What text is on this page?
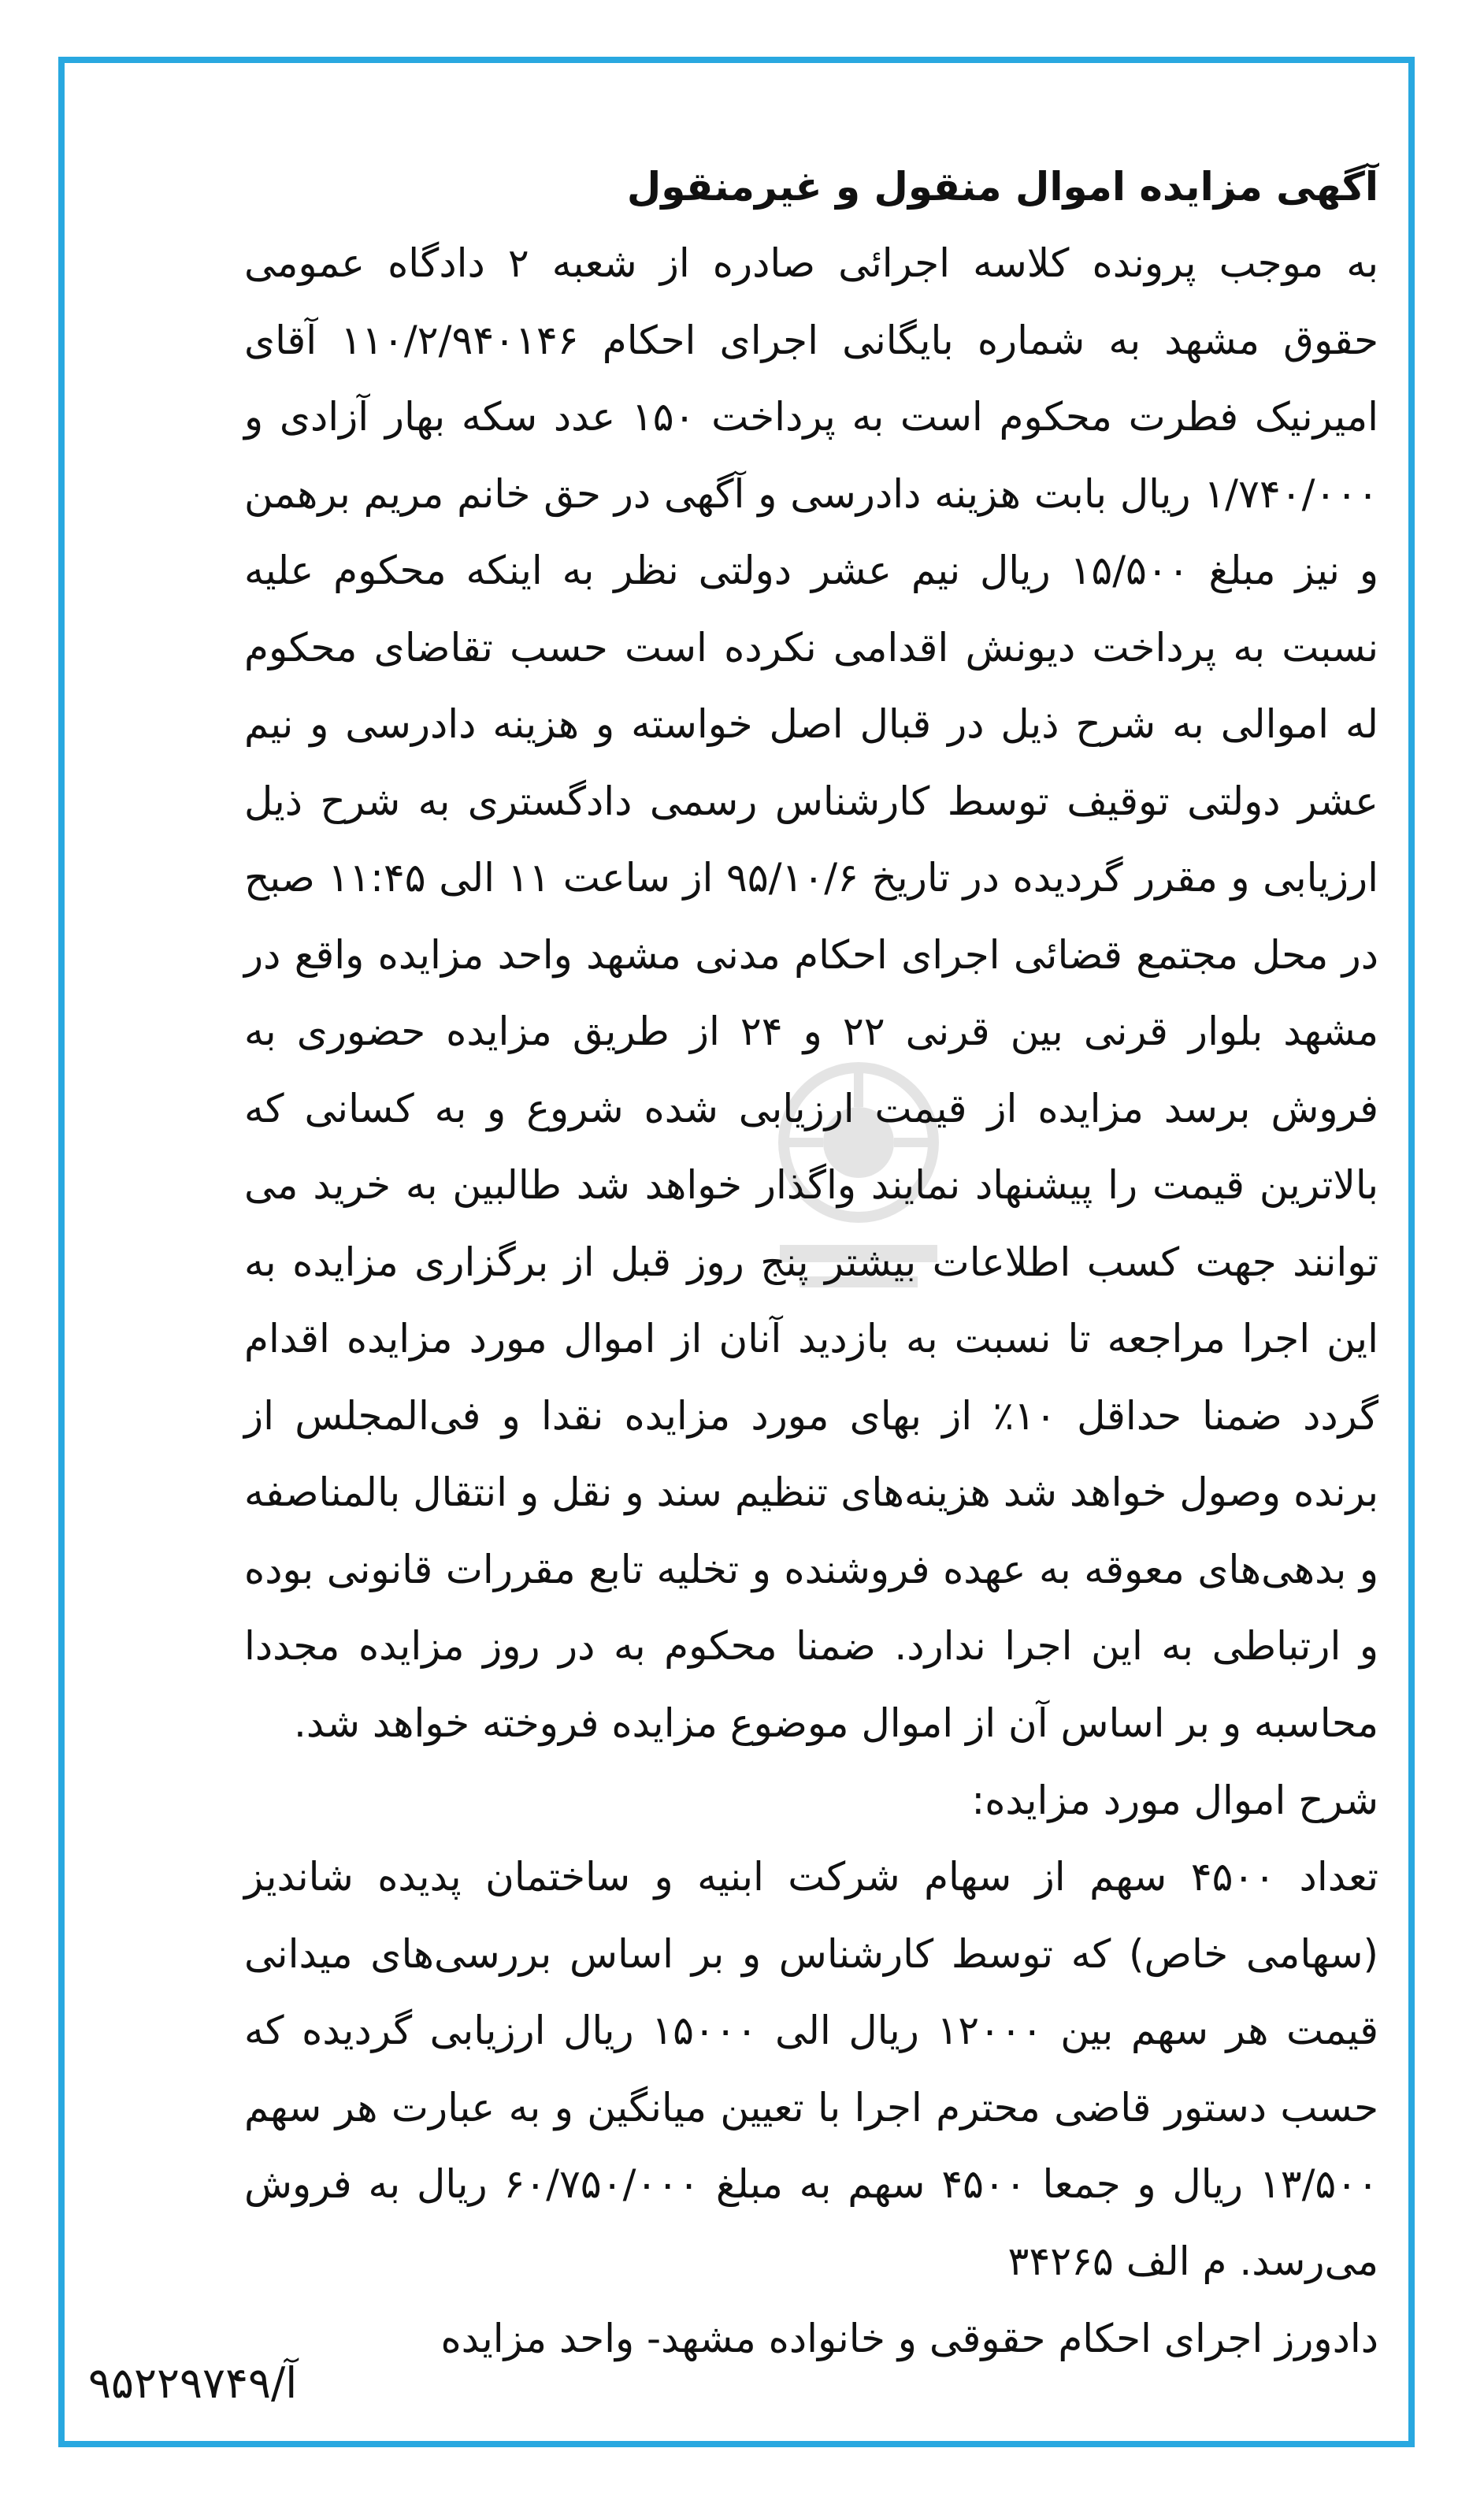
آگهی مزایده اموال منقول و غیرمنقول

به موجب پرونده کلاسه اجرائی صادره از شعبه ۲ دادگاه عمومی حقوق مشهد به شماره بایگانی اجرای احکام ۱۱۰/۲/۹۴۰۱۴۶ آقای امیرنیک فطرت محکوم است به پرداخت ۱۵۰ عدد سکه بهار آزادی و ۱/۷۴۰/۰۰۰ ریال بابت هزینه دادرسی و آگهی در حق خانم مریم برهمن و نیز مبلغ ۱۵/۵۰۰ ریال نیم عشر دولتی نظر به اینکه محکوم علیه نسبت به پرداخت دیونش اقدامی نکرده است حسب تقاضای محکوم له اموالی به شرح ذیل در قبال اصل خواسته و هزینه دادرسی و نیم عشر دولتی توقیف توسط کارشناس رسمی دادگستری به شرح ذیل ارزیابی و مقرر گردیده در تاریخ ۹۵/۱۰/۶ از ساعت ۱۱ الی ۱۱:۴۵ صبح در محل مجتمع قضائی اجرای احکام مدنی مشهد واحد مزایده واقع در مشهد بلوار قرنی بین قرنی ۲۲ و ۲۴ از طریق مزایده حضوری به فروش برسد مزایده از قیمت ارزیابی شده شروع و به کسانی که بالاترین قیمت را پیشنهاد نمایند واگذار خواهد شد طالبین به خرید می توانند جهت کسب اطلاعات بیشتر پنج روز قبل از برگزاری مزایده به این اجرا مراجعه تا نسبت به بازدید آنان از اموال مورد مزایده اقدام گردد ضمنا حداقل ۱۰٪ از بهای مورد مزایده نقدا و فی‌المجلس از برنده وصول خواهد شد هزینه‌های تنظیم سند و نقل و انتقال بالمناصفه و بدهی‌های معوقه به عهده فروشنده و تخلیه تابع مقررات قانونی بوده و ارتباطی به این اجرا ندارد. ضمنا محکوم به در روز مزایده مجددا محاسبه و بر اساس آن از اموال موضوع مزایده فروخته خواهد شد.

شرح اموال مورد مزایده:

تعداد ۴۵۰۰ سهم از سهام شرکت ابنیه و ساختمان پدیده شاندیز (سهامی خاص) که توسط کارشناس و بر اساس بررسی‌های میدانی قیمت هر سهم بین ۱۲۰۰۰ ریال الی ۱۵۰۰۰ ریال ارزیابی گردیده که حسب دستور قاضی محترم اجرا با تعیین میانگین و به عبارت هر سهم ۱۳/۵۰۰ ریال و جمعا ۴۵۰۰ سهم به مبلغ ۶۰/۷۵۰/۰۰۰ ریال به فروش می‌رسد. م الف ۳۴۲۶۵

دادورز اجرای احکام حقوقی و خانواده مشهد- واحد مزایده

آ/۹۵۲۲۹۷۴۹
